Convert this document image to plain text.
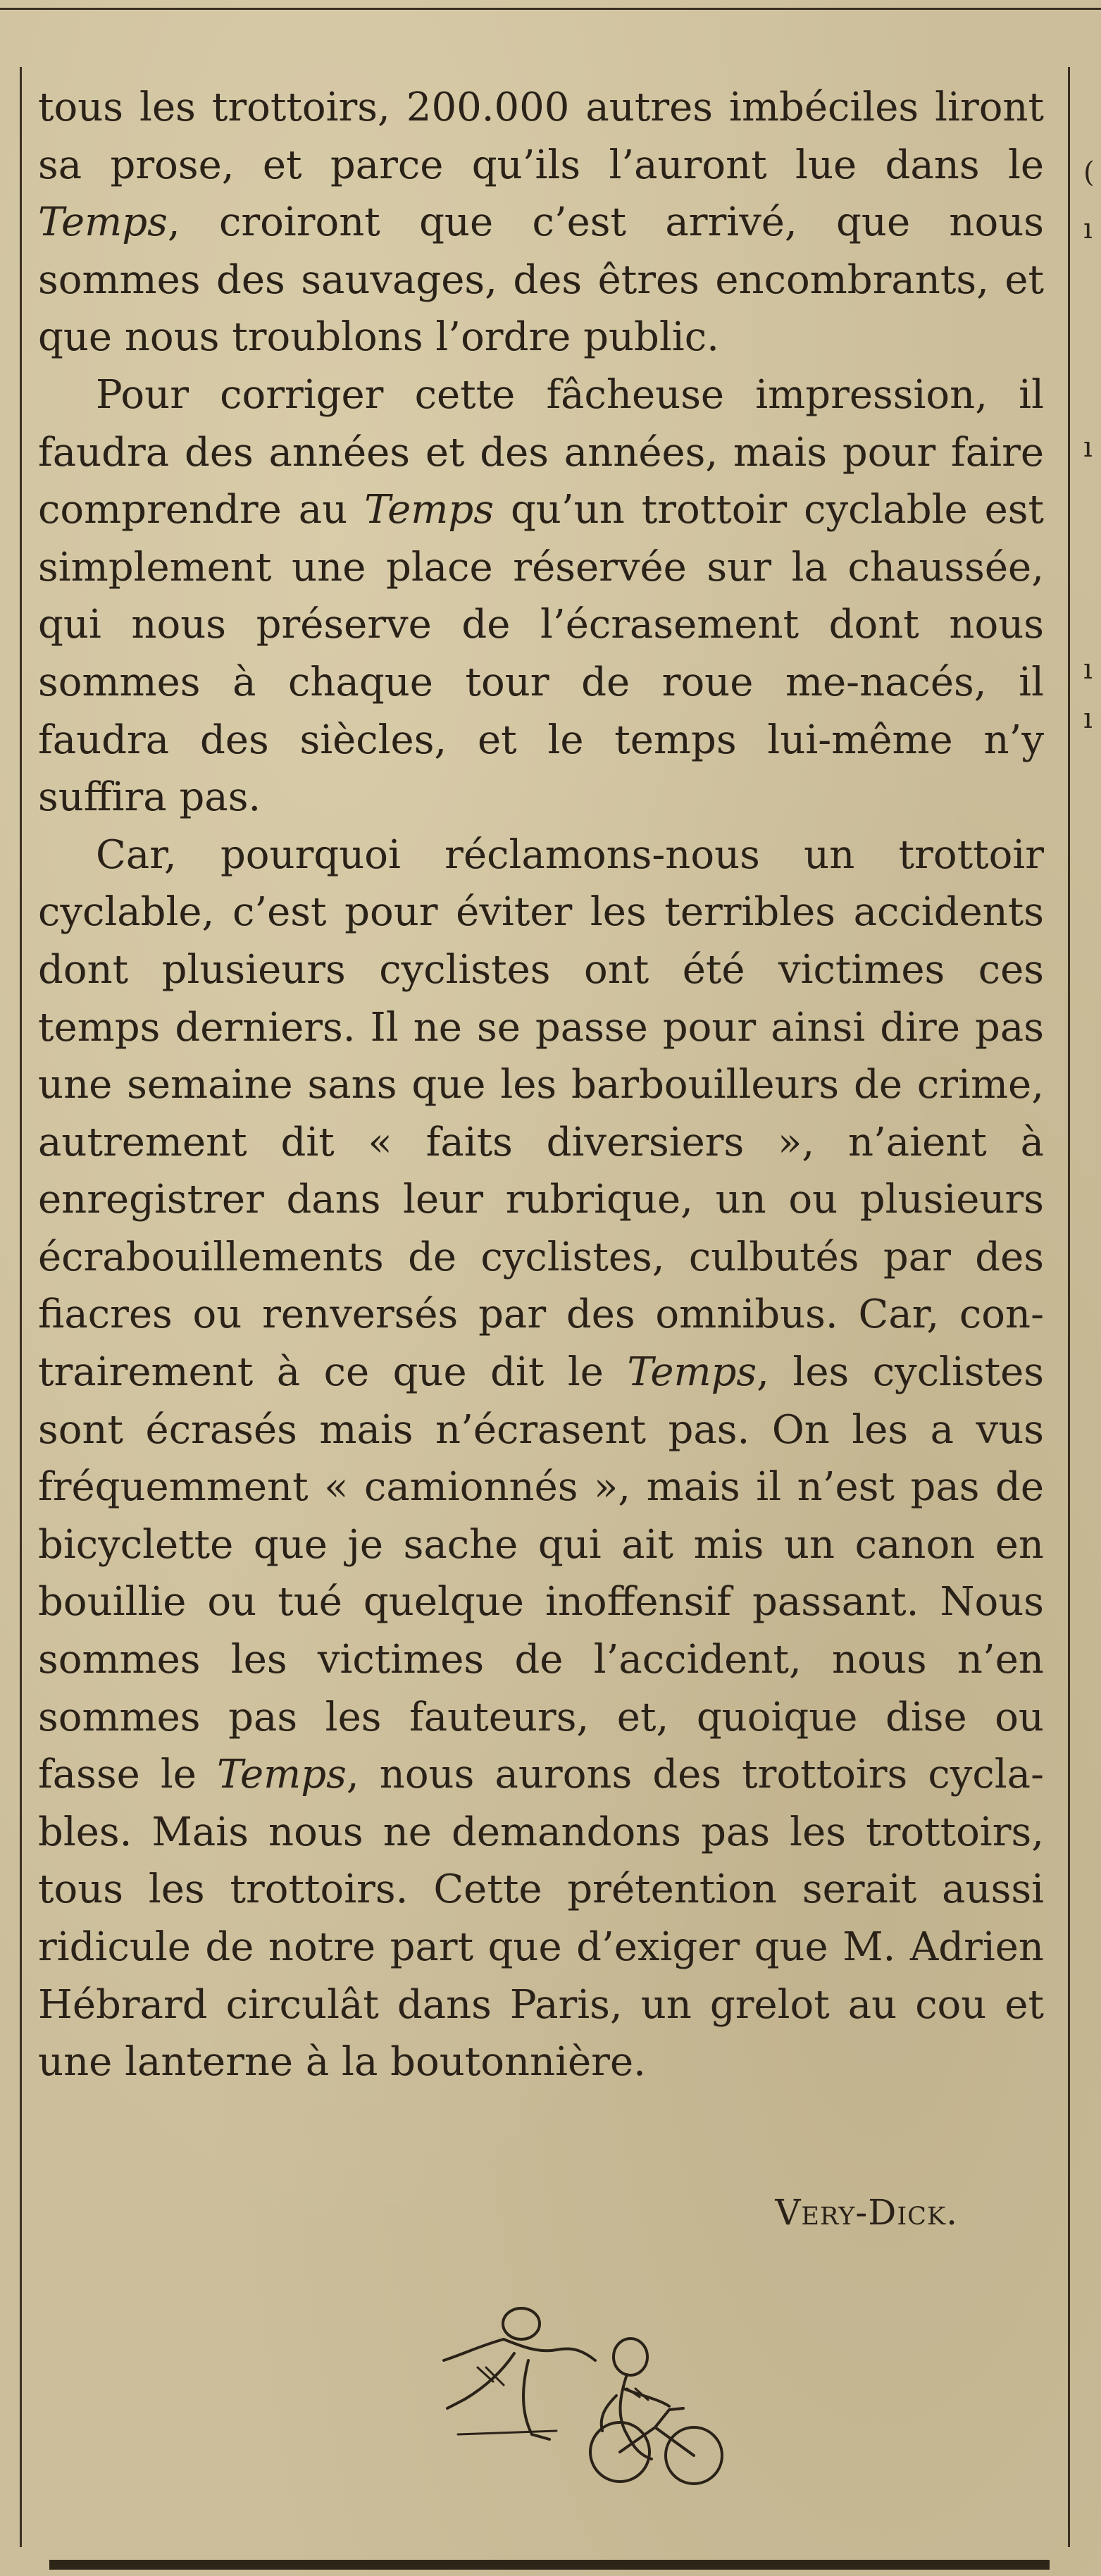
(
ı
ı
ı
ı

tous les trottoirs, 200.000 autres imbéciles liront sa prose, et parce qu’ils l’auront lue dans le Temps, croiront que c’est arrivé, que nous sommes des sauvages, des êtres encombrants, et que nous troublons l’ordre public.

Pour corriger cette fâcheuse impression, il faudra des années et des années, mais pour faire comprendre au Temps qu’un trottoir cyclable est simplement une place réservée sur la chaussée, qui nous préserve de l’écrasement dont nous sommes à chaque tour de roue me-nacés, il faudra des siècles, et le temps lui-même n’y suffira pas.

Car, pourquoi réclamons-nous un trottoir cyclable, c’est pour éviter les terribles accidents dont plusieurs cyclistes ont été victimes ces temps derniers. Il ne se passe pour ainsi dire pas une semaine sans que les barbouilleurs de crime, autrement dit « faits diversiers », n’aient à enregistrer dans leur rubrique, un ou plusieurs écrabouillements de cyclistes, culbutés par des fiacres ou renversés par des omnibus. Car, con-trairement à ce que dit le Temps, les cyclistes sont écrasés mais n’écrasent pas. On les a vus fréquemment « camionnés », mais il n’est pas de bicyclette que je sache qui ait mis un canon en bouillie ou tué quelque inoffensif passant. Nous sommes les victimes de l’accident, nous n’en sommes pas les fauteurs, et, quoique dise ou fasse le Temps, nous aurons des trottoirs cycla-bles. Mais nous ne demandons pas les trottoirs, tous les trottoirs. Cette prétention serait aussi ridicule de notre part que d’exiger que M. Adrien Hébrard circulât dans Paris, un grelot au cou et une lanterne à la boutonnière.

Very-Dick.
